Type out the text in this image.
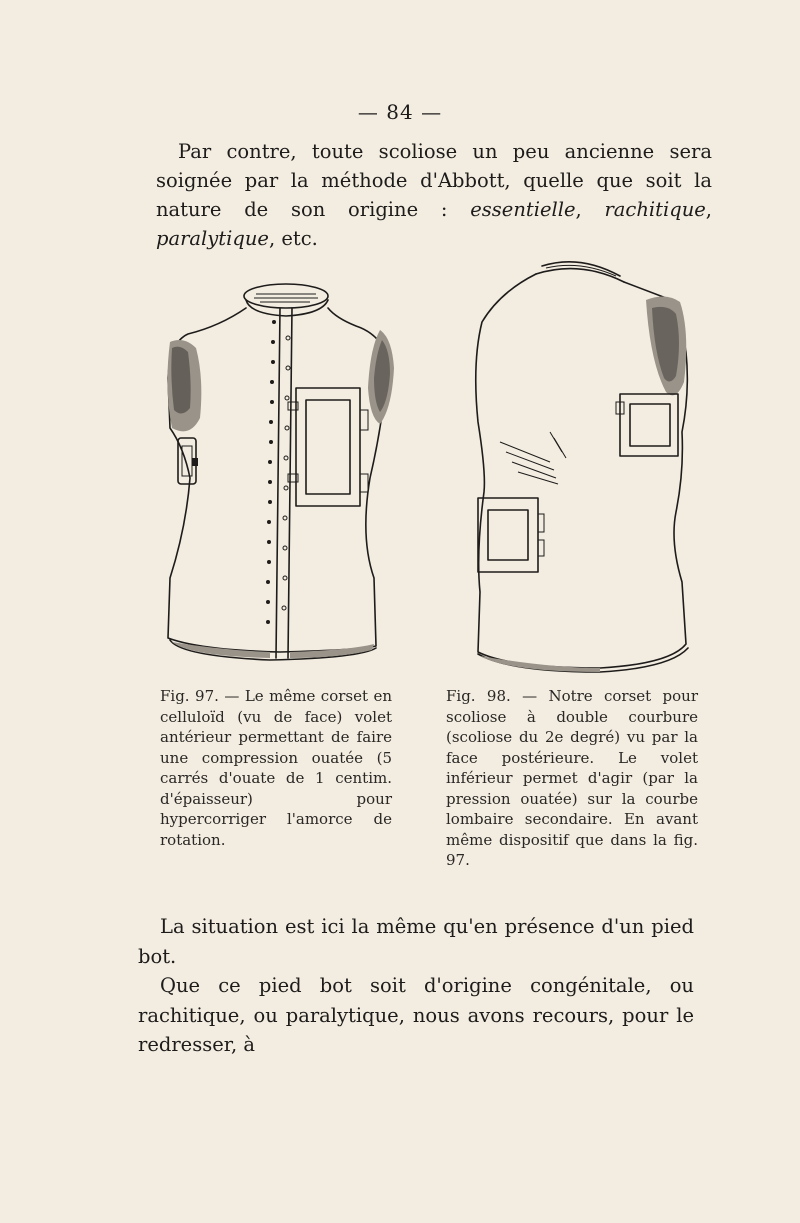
— 84 —

Par contre, toute scoliose un peu ancienne sera soignée par la méthode d'Abbott, quelle que soit la nature de son origine : essentielle, rachitique, paralytique, etc.

Fig. 97. — Le même corset en celluloïd (vu de face) volet antérieur permettant de faire une compression ouatée (5 carrés d'ouate de 1 centim. d'épaisseur) pour hypercorriger l'amorce de rotation.
Fig. 98. — Notre corset pour scoliose à double courbure (scoliose du 2e degré) vu par la face postérieure. Le volet inférieur permet d'agir (par la pression ouatée) sur la courbe lombaire secondaire. En avant même dispositif que dans la fig. 97.

La situation est ici la même qu'en présence d'un pied bot.

Que ce pied bot soit d'origine congénitale, ou rachitique, ou paralytique, nous avons recours, pour le redresser, à
